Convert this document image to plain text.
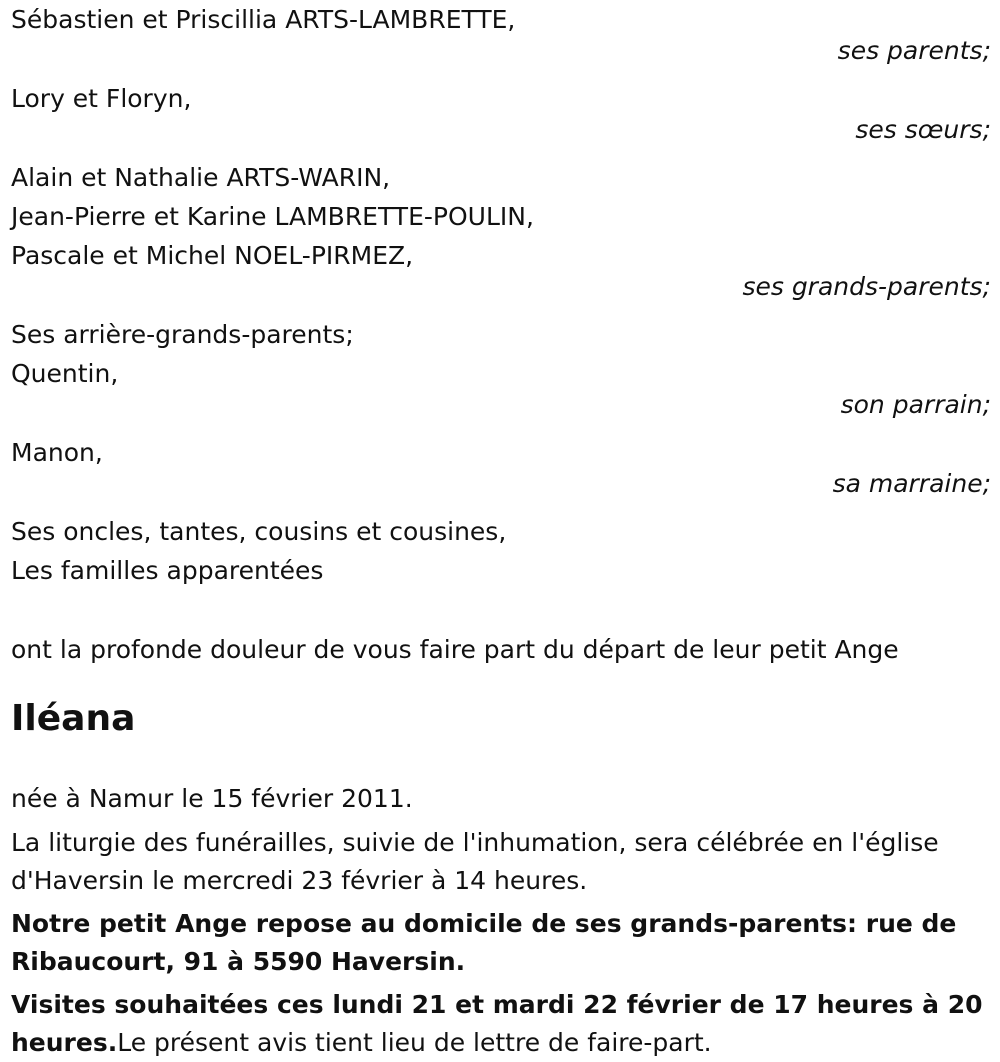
Sébastien et Priscillia ARTS-LAMBRETTE,
ses parents;
Lory et Floryn,
ses sœurs;
Alain et Nathalie ARTS-WARIN,
Jean-Pierre et Karine LAMBRETTE-POULIN,
Pascale et Michel NOEL-PIRMEZ,
ses grands-parents;
Ses arrière-grands-parents;
Quentin,
son parrain;
Manon,
sa marraine;
Ses oncles, tantes, cousins et cousines,
Les familles apparentées
ont la profonde douleur de vous faire part du départ de leur petit Ange
Iléana
née à Namur le 15 février 2011.
La liturgie des funérailles, suivie de l'inhumation, sera célébrée en l'église d'Haversin le mercredi 23 février à 14 heures.
Notre petit Ange repose au domicile de ses grands-parents: rue de Ribaucourt, 91 à 5590 Haversin.
Visites souhaitées ces lundi 21 et mardi 22 février de 17 heures à 20 heures.Le présent avis tient lieu de lettre de faire-part.
